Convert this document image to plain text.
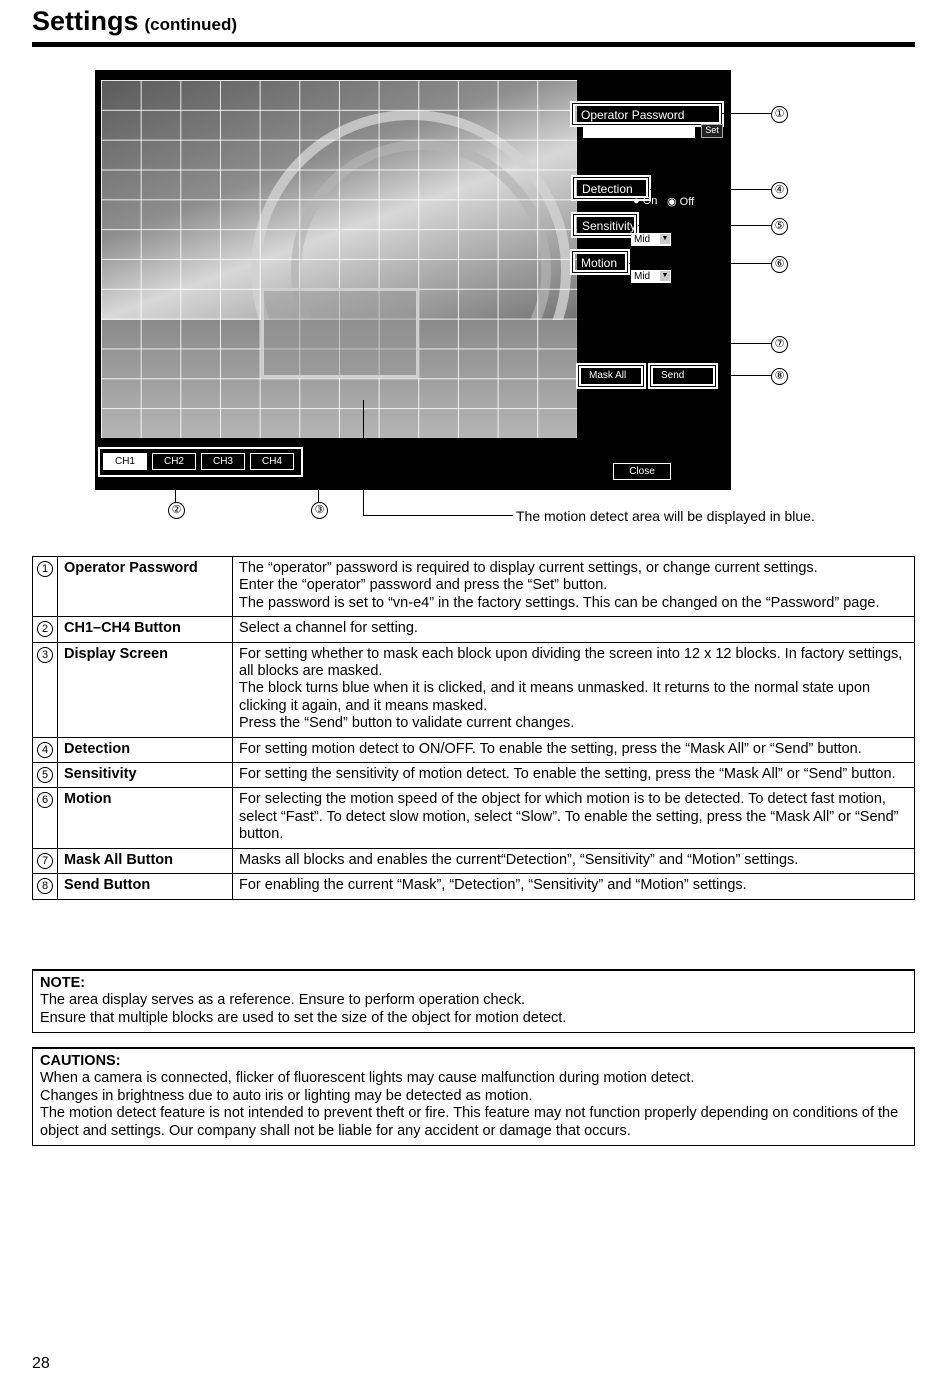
Settings (continued)
Operator Password
Set
Detection
● On ◉ Off
Sensitivity
Mid ▼
Motion
Mid ▼
Mask All	Send
CH1	CH2	CH3	CH4
Close
①
④
⑤
⑥
⑦
⑧
②	③	The motion detect area will be displayed in blue.
1	Operator Password	The “operator” password is required to display current settings, or change current settings.
Enter the “operator” password and press the “Set” button.
The password is set to “vn-e4” in the factory settings. This can be changed on the “Password” page.

2	CH1–CH4 Button	Select a channel for setting.

3	Display Screen	For setting whether to mask each block upon dividing the screen into 12 x 12 blocks. In factory settings, all blocks are masked.
The block turns blue when it is clicked, and it means unmasked. It returns to the normal state upon clicking it again, and it means masked.
Press the “Send” button to validate current changes.

4	Detection	For setting motion detect to ON/OFF. To enable the setting, press the “Mask All” or “Send” button.

5	Sensitivity	For setting the sensitivity of motion detect. To enable the setting, press the “Mask All” or “Send” button.

6	Motion	For selecting the motion speed of the object for which motion is to be detected. To detect fast motion, select “Fast”. To detect slow motion, select “Slow”. To enable the setting, press the “Mask All” or “Send” button.

7	Mask All Button	Masks all blocks and enables the current“Detection”, “Sensitivity” and “Motion” settings.

8	Send Button	For enabling the current “Mask”, “Detection”, “Sensitivity” and “Motion” settings.
NOTE:
The area display serves as a reference. Ensure to perform operation check.
Ensure that multiple blocks are used to set the size of the object for motion detect.
CAUTIONS:
When a camera is connected, flicker of fluorescent lights may cause malfunction during motion detect.
Changes in brightness due to auto iris or lighting may be detected as motion.
The motion detect feature is not intended to prevent theft or fire. This feature may not function properly depending on conditions of the object and settings. Our company shall not be liable for any accident or damage that occurs.
28
